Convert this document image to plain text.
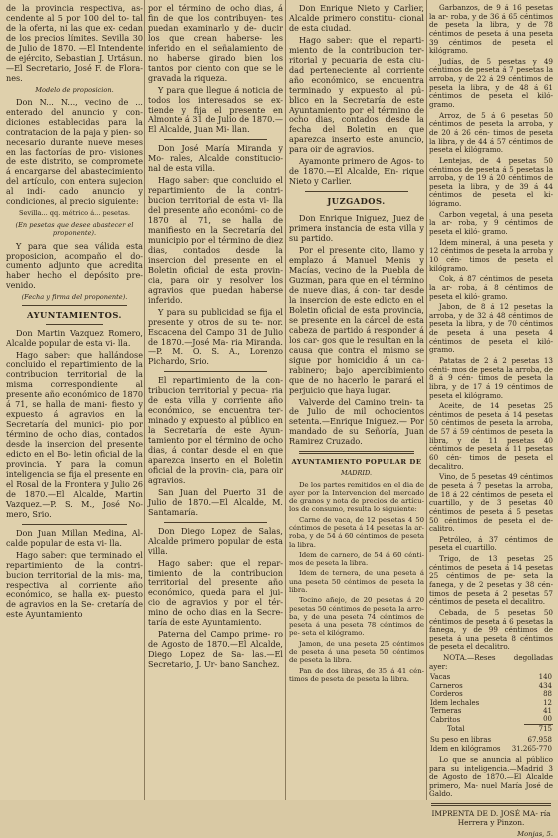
de la provincia respectiva, as- cendente al 5 por 100 del to- tal de la oferta, ni las que ex- cedan de los precios límites. Sevilla 30 de Julio de 1870. —El Intendente de ejército, Sebastian J. Urtásun.—El Secretario, José F. de Flora- nes.

Modelo de proposicion.

Don N... N..., vecino de ... enterado del anuncio y con- diciones establecidas para la contratacion de la paja y pien- so necesario durante nueve meses en las factorías de pro- visiones de este distrito, se compromete á encargarse del abastecimiento del artículo, con entera sujecion al indi- cado anuncio y condiciones, al precio siguiente:

Sevilla... qq. métrico á... pesetas.

(En pesetas que desee abastecer el proponente).

Y para que sea válida esta proposicion, acompaño el do- cumento adjunto que acredita haber hecho el depósito pre- venido.

(Fecha y firma del proponente).

AYUNTAMIENTOS.

Don Martin Vazquez Romero, Alcalde popular de esta vi- lla.

Hago saber: que hallándose concluido el repartimiento de la contribucion territorial de la misma correspondiente al presente año económico de 1870 á 71, se halla de mani- fiesto y expuesto á agravios en la Secretaría del munici- pio por término de ocho dias, contados desde la insercion del presente edicto en el Bo- letin oficial de la provincia. Y para la comun inteligencia se fija el presente en el Rosal de la Frontera y Julio 26 de 1870.—El Alcalde, Martin Vazquez.—P. S. M., José No- mero, Srio.

Don Juan Millan Medina, Al- calde popular de esta vi- lla.

Hago saber: que terminado el repartimiento de la contri- bucion territorial de la mis- ma, respectiva al corriente año económico, se halla ex- puesto de agravios en la Se- cretaría de este Ayuntamiento

por el término de ocho dias, á fin de que los contribuyen- tes puedan examinarlo y de- ducir los que crean haberse- les inferido en el señalamiento de no haberse girado bien los tantos por ciento con que se le gravada la riqueza.

Y para que llegue á noticia de todos los interesados se ex- tiende y fija el presente en Almonte á 31 de Julio de 1870.—El Alcalde, Juan Mi- llan.

Don José María Miranda y Mo- rales, Alcalde constitucio- nal de esta villa.

Hago saber: que concluido el repartimiento de la contri- bucion territorial de esta vi- lla del presente año económi- co de 1870 al 71, se halla de manifiesto en la Secretaría del municipio por el término de diez dias, contados desde la insercion del presente en el Boletin oficial de esta provin- cia, para oir y resolver los agravios que puedan haberse inferido.

Y para su publicidad se fija el presente y otros de su te- nor. Escacena del Campo 31 de Julio de 1870.—José Ma- ria Miranda.—P. M. O. S. A., Lorenzo Pichardo, Srio.

El repartimiento de la con- tribucion territorial y pecua- ria de esta villa y corriente año económico, se encuentra ter- minado y expuesto al público en la Secretaría de este Ayun- tamiento por el término de ocho dias, á contar desde el en que aparezca inserto en el Boletin oficial de la provin- cia, para oir agravios.

San Juan del Puerto 31 de Julio de 1870.—El Alcalde, M. Santamaría.

Don Diego Lopez de Salas, Alcalde primero popular de esta villa.

Hago saber: que el repar- timiento de la contribucion territorial del presente año económico, queda para el jui- cio de agravios y por el tér- mino de ocho dias en la Secre- taría de este Ayuntamiento.

Paterna del Campo prime- ro de Agosto de 1870.—El Alcalde, Diego Lopez de Sa- las.—El Secretario, J. Ur- bano Sanchez.

Don Enrique Nieto y Carlier, Alcalde primero constitu- cional de esta ciudad.

Hago saber: que el reparti- miento de la contribucion ter- ritorial y pecuaria de esta ciu- dad perteneciente al corriente año económico, se encuentra terminado y expuesto al pú- blico en la Secretaría de este Ayuntamiento por el término de ocho dias, contados desde la fecha del Boletin en que aparezca inserto este anuncio, para oir de agravios.

Ayamonte primero de Agos- to de 1870.—El Alcalde, En- rique Nieto y Carlier.

JUZGADOS.

Don Enrique Iniguez, Juez de primera instancia de esta villa y su partido.

Por el presente cito, llamo y emplazo á Manuel Menis y Macías, vecino de la Puebla de Guzman, para que en el término de nueve dias, á con- tar desde la insercion de este edicto en el Boletin oficial de esta provincia, se presente en la cárcel de esta cabeza de partido á responder á los car- gos que le resultan en la causa que contra el mismo se sigue por homicidio á un ca- rabinero; bajo apercibimiento que de no hacerlo le parará el perjuicio que haya lugar.

Valverde del Camino trein- ta de Julio de mil ochocientos setenta.—Enrique Iniguez.— Por mandado de su Señoría, Juan Ramirez Cruzado.

AYUNTAMIENTO POPULAR DE

MADRID.

De los partes remitidos en el dia de ayer por la Intervencion del mercado de granos y nota de precios de artícu- los de consumo, resulta lo siguiente:

Carne de vaca, de 12 pesetas 4 50 céntimos de peseta á 14 pesetas la ar- roba, y de 54 á 60 céntimos de peseta la libra.

Idem de carnero, de 54 á 60 cénti- mos de peseta la libra.

Idem de ternera, de una peseta á una peseta 50 céntimos de peseta la libra.

Tocino añejo, de 20 pesetas á 20 pesetas 50 céntimos de peseta la arro- ba, y de una peseta 74 céntimos de peseta á una peseta 78 céntimos de pe- seta el kilógramo.

Jamon, de una peseta 25 céntimos de peseta á una peseta 50 céntimos de peseta la libra.

Pan de dos libras, de 35 á 41 cén- timos de peseta de peseta la libra.

Garbanzos, de 9 á 16 pesetas la ar- roba, y de 36 á 65 céntimos de peseta la libra, y de 78 céntimos de peseta á una peseta 39 céntimos de peseta el kilógramo.

Judías, de 5 pesetas y 49 céntimos de peseta á 7 pesetas la arroba, y de 22 á 29 céntimos de peseta la libra, y de 48 á 61 céntimos de peseta el kiló- gramo.

Arroz, de 5 á 6 pesetas 50 céntimos de peseta la arroba, y de 20 á 26 cén- timos de peseta la libra, y de 44 á 57 céntimos de peseta el kilógramo.

Lentejas, de 4 pesetas 50 céntimos de peseta á 5 pesetas la arroba, y de 19 á 20 céntimos de peseta la libra, y de 39 á 44 céntimos de peseta el ki- lógramo.

Carbon vegetal, á una peseta la ar- roba, y 9 céntimos de peseta el kiló- gramo.

Idem mineral, á una peseta y 12 céntimos de peseta la arroba y 10 cén- timos de peseta el kilógramo.

Cok, á 87 céntimos de peseta la ar- roba, á 8 céntimos de peseta el kiló- gramo.

Jabon, de 8 á 12 pesetas la arroba, y de 32 á 48 céntimos de peseta la libra, y de 70 céntimos de peseta á una peseta 4 céntimos de peseta el kiló- gramo.

Patatas de 2 á 2 pesetas 13 cénti- mos de peseta la arroba, de 8 á 9 cén- timos de peseta la libra, y de 17 á 19 céntimos de peseta el kilógramo.

Aceite, de 14 pesetas 25 céntimos de peseta á 14 pesetas 50 céntimos de peseta la arroba, de 57 á 59 céntimos de peseta la libra, y de 11 pesetas 40 céntimos de peseta á 11 pesetas 60 cén- timos de peseta el decalitro.

Vino, de 5 pesetas 49 céntimos de peseta á 7 pesetas la arroba, de 18 á 22 céntimos de peseta el cuartillo, y de 3 pesetas 40 céntimos de peseta á 5 pesetas 50 céntimos de peseta el de- calitro.

Petróleo, á 37 céntimos de peseta el cuartillo.

Trigo, de 13 pesetas 25 céntimos de peseta á 14 pesetas 25 céntimos de pe- seta la fanega, y de 2 pesetas y 38 cén- timos de peseta á 2 pesetas 57 céntimos de peseta el decalitro.

Cebada, de 5 pesetas 50 céntimos de peseta á 6 pesetas la fanega, y de 99 céntimos de peseta á una peseta 8 céntimos de peseta el decalitro.

NOTA.—Reses degolladas ayer:

Vacas	140
Carneros	434
Corderos	88
Idem lechales	12
Terneras	41
Cabritos	00
Total	715
Su peso en libras	67.958
Idem en kilógramos	31.265-770

Lo que se anuncia al público para su inteligencia.—Madrid 3 de Agosto de 1870.—El Alcalde primero, Ma- nuel María José de Galdo.

IMPRENTA DE D. JOSÉ MA- ría Herrera y Pinzon.

Monjas, 5.
